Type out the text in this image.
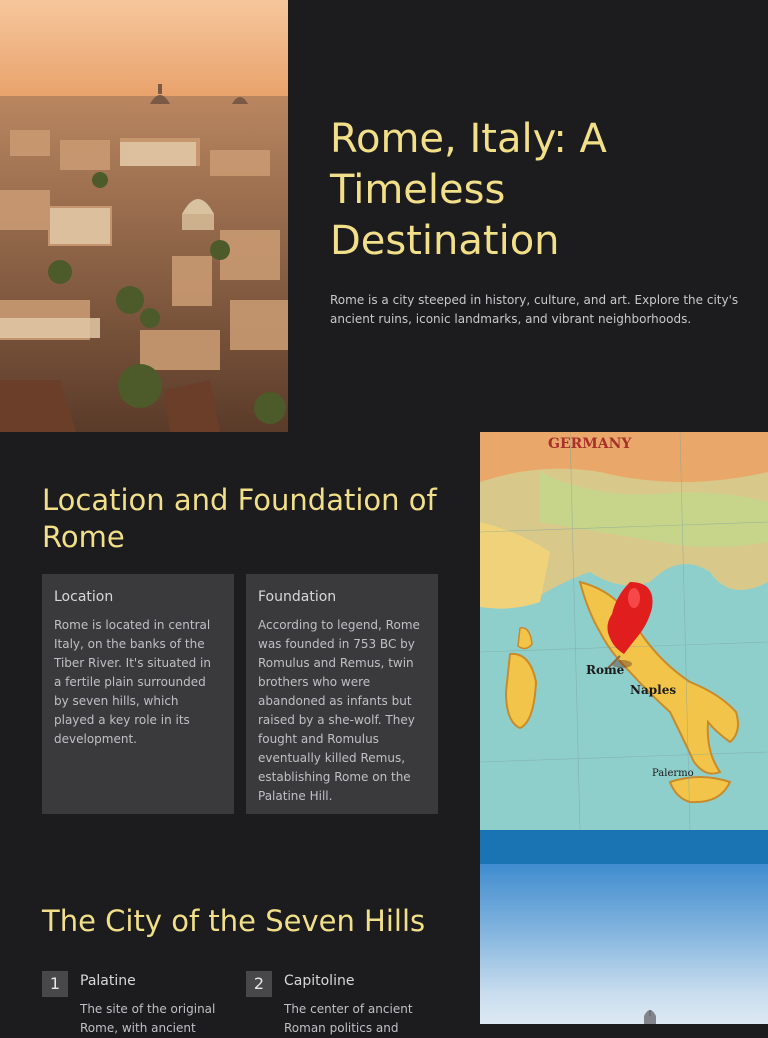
Rome, Italy: A Timeless Destination

Rome is a city steeped in history, culture, and art. Explore the city's ancient ruins, iconic landmarks, and vibrant neighborhoods.

Location and Foundation of Rome
Location

Rome is located in central Italy, on the banks of the Tiber River. It's situated in a fertile plain surrounded by seven hills, which played a key role in its development.

Foundation

According to legend, Rome was founded in 753 BC by Romulus and Remus, twin brothers who were abandoned as infants but raised by a she-wolf. They fought and Romulus eventually killed Remus, establishing Rome on the Palatine Hill.

GERMANY
Rome
Naples
Palermo
The City of the Seven Hills
1	Palatine

The site of the original Rome, with ancient

2	Capitoline

The center of ancient Roman politics and
